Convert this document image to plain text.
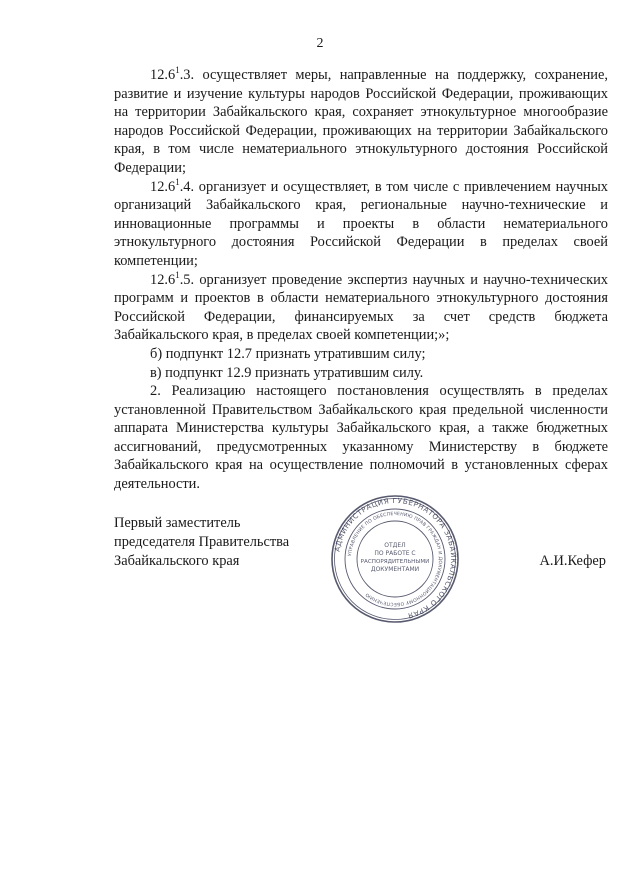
2

12.6$^1$.3. осуществляет меры, направленные на поддержку, сохранение, развитие и изучение культуры народов Российской Федерации, проживающих на территории Забайкальского края, сохраняет этнокультурное многообразие народов Российской Федерации, проживающих на территории Забайкальского края, в том числе нематериального этнокультурного достояния Российской Федерации;

12.6$^1$.4. организует и осуществляет, в том числе с привлечением научных организаций Забайкальского края, региональные научно-технические и инновационные программы и проекты в области нематериального этнокультурного достояния Российской Федерации в пределах своей компетенции;

12.6$^1$.5. организует проведение экспертиз научных и научно-технических программ и проектов в области нематериального этнокультурного достояния Российской Федерации, финансируемых за счет средств бюджета Забайкальского края, в пределах своей компетенции;»;

б) подпункт 12.7 признать утратившим силу;

в) подпункт 12.9 признать утратившим силу.

2. Реализацию настоящего постановления осуществлять в пределах установленной Правительством Забайкальского края предельной численности аппарата Министерства культуры Забайкальского края, а также бюджетных ассигнований, предусмотренных указанному Министерству в бюджете Забайкальского края на осуществление полномочий в установленных сферах деятельности.

Первый заместитель
председателя Правительства
Забайкальского края	А.И.Кефер
АДМИНИСТРАЦИЯ ГУБЕРНАТОРА ЗАБАЙКАЛЬСКОГО КРАЯ
УПРАВЛЕНИЕ ПО ОБЕСПЕЧЕНИЮ ПРАВ ГРАЖДАН И ДОКУМЕНТАЦИОННОМУ ОБЕСПЕЧЕНИЮ
ОТДЕЛ
ПО РАБОТЕ С
РАСПОРЯДИТЕЛЬНЫМИ
ДОКУМЕНТАМИ
